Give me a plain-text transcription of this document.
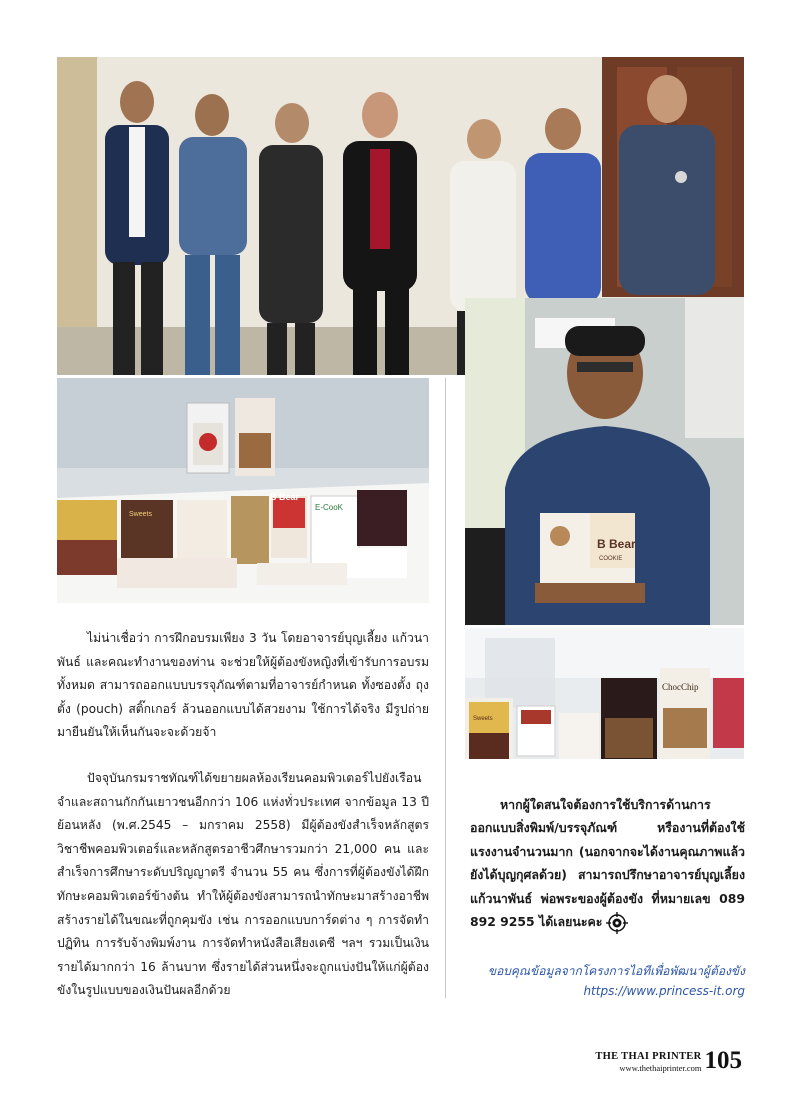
B Bear
E-CooK
Sweets
B Bear
COOKIE
Sweets
ChocChip

ไม่น่าเชื่อว่า การฝึกอบรมเพียง 3 วัน โดยอาจารย์บุญเลี้ยง แก้วนาพันธ์ และคณะทำงานของท่าน จะช่วยให้ผู้ต้องขังหญิงที่เข้ารับการอบรมทั้งหมด สามารถออกแบบบรรจุภัณฑ์ตามที่อาจารย์กำหนด ทั้งซองตั้ง ถุงตั้ง (pouch) สติ๊กเกอร์ ล้วนออกแบบได้สวยงาม ใช้การได้จริง มีรูปถ่ายมายืนยันให้เห็นกันจะจะด้วยจ้า

ปัจจุบันกรมราชทัณฑ์ได้ขยายผลห้องเรียนคอมพิวเตอร์ไปยังเรือนจำและสถานกักกันเยาวชนอีกกว่า 106 แห่งทั่วประเทศ จากข้อมูล 13 ปีย้อนหลัง (พ.ศ.2545 – มกราคม 2558) มีผู้ต้องขังสำเร็จหลักสูตรวิชาชีพคอมพิวเตอร์และหลักสูตรอาชีวศึกษารวมกว่า 21,000 คน และสำเร็จการศึกษาระดับปริญญาตรี จำนวน 55 คน ซึ่งการที่ผู้ต้องขังได้ฝึกทักษะคอมพิวเตอร์ข้างต้น ทำให้ผู้ต้องขังสามารถนำทักษะมาสร้างอาชีพ สร้างรายได้ในขณะที่ถูกคุมขัง เช่น การออกแบบการ์ดต่าง ๆ การจัดทำปฏิทิน การรับจ้างพิมพ์งาน การจัดทำหนังสือเสียงเดซี ฯลฯ รวมเป็นเงินรายได้มากกว่า 16 ล้านบาท ซึ่งรายได้ส่วนหนึ่งจะถูกแบ่งปันให้แก่ผู้ต้องขังในรูปแบบของเงินปันผลอีกด้วย

หากผู้ใดสนใจต้องการใช้บริการด้านการออกแบบสิ่งพิมพ์/บรรจุภัณฑ์ หรืองานที่ต้องใช้แรงงานจำนวนมาก (นอกจากจะได้งานคุณภาพแล้ว ยังได้บุญกุศลด้วย) สามารถปรึกษาอาจารย์บุญเลี้ยง แก้วนาพันธ์ พ่อพระของผู้ต้องขัง ที่หมายเลข 089 892 9255 ได้เลยนะคะ

ขอบคุณข้อมูลจากโครงการไอทีเพื่อพัฒนาผู้ต้องขัง
https://www.princess-it.org
THE THAI PRINTER
www.thethaiprinter.com 105
